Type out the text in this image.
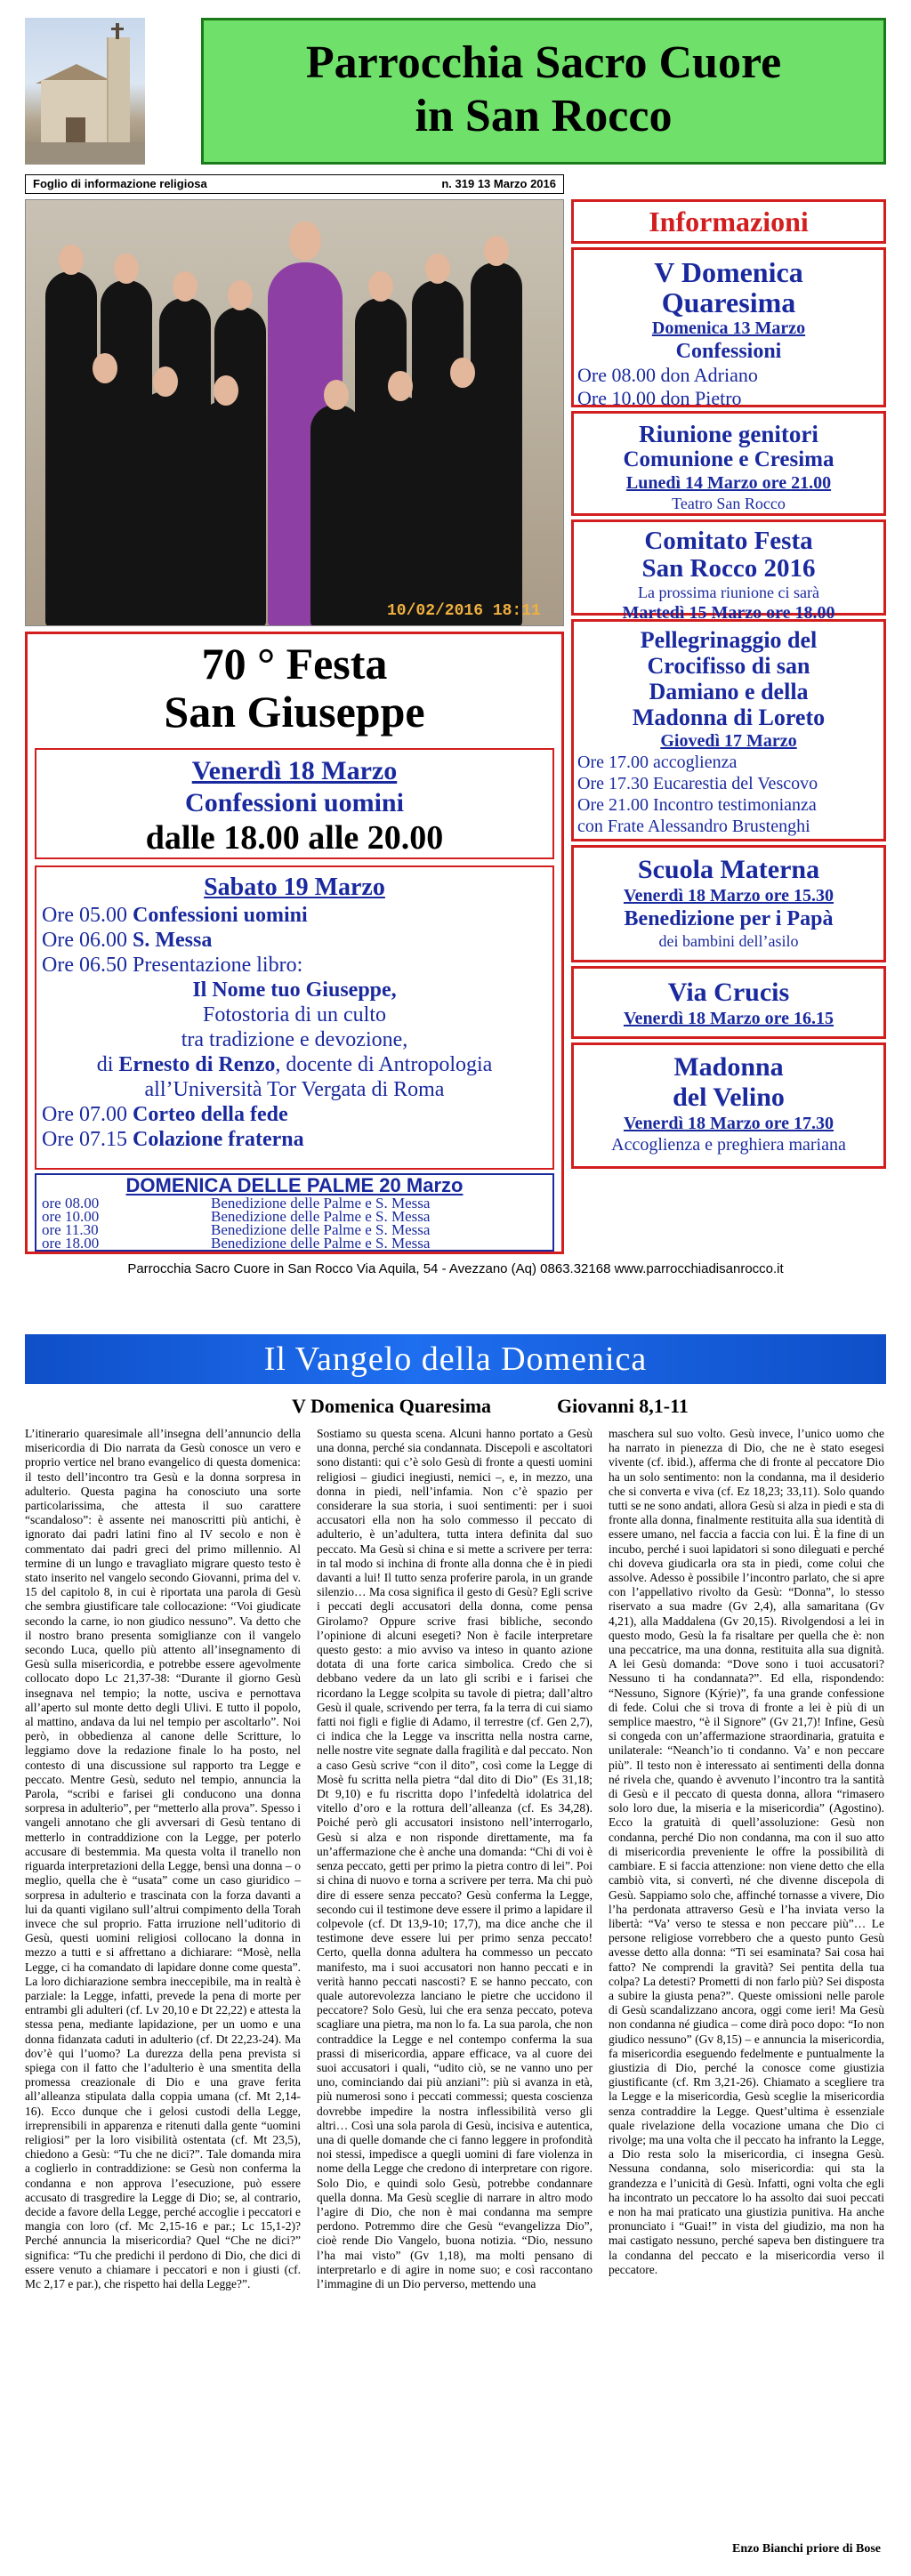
Parrocchia Sacro Cuore
in San Rocco
Foglio di informazione religiosa	n. 319 13 Marzo 2016
10/02/2016 18:11
70 ° Festa
San Giuseppe
Venerdì 18 Marzo
Confessioni uomini
dalle 18.00 alle 20.00
Sabato 19 Marzo
Ore 05.00 Confessioni uomini
Ore 06.00 S. Messa
Ore 06.50 Presentazione libro:
Il Nome tuo Giuseppe,
Fotostoria di un culto
tra tradizione e devozione,
di Ernesto di Renzo, docente di Antropologia
all’Università Tor Vergata di Roma
Ore 07.00 Corteo della fede
Ore 07.15 Colazione fraterna
DOMENICA DELLE PALME 20 Marzo
ore 08.00	Benedizione delle Palme e S. Messa
ore 10.00	Benedizione delle Palme e S. Messa
ore 11.30	Benedizione delle Palme e S. Messa
ore 18.00	Benedizione delle Palme e S. Messa
Informazioni
V Domenica
Quaresima
Domenica 13 Marzo
Confessioni
Ore 08.00 don Adriano
Ore 10.00 don Pietro
Riunione genitori
Comunione e Cresima
Lunedì 14 Marzo ore 21.00
Teatro San Rocco
Comitato Festa
San Rocco 2016
La prossima riunione ci sarà
Martedì 15 Marzo ore 18.00
Pellegrinaggio del
Crocifisso di san
Damiano e della
Madonna di Loreto
Giovedì 17 Marzo
Ore 17.00 accoglienza
Ore 17.30 Eucarestia del Vescovo
Ore 21.00 Incontro testimonianza
con Frate Alessandro Brustenghi
Scuola Materna
Venerdì 18 Marzo ore 15.30
Benedizione per i Papà
dei bambini dell’asilo
Via Crucis
Venerdì 18 Marzo ore 16.15
Madonna
del Velino
Venerdì 18 Marzo ore 17.30
Accoglienza e preghiera mariana
Parrocchia Sacro Cuore in San Rocco Via Aquila, 54 - Avezzano (Aq) 0863.32168 www.parrocchiadisanrocco.it
Il Vangelo della Domenica
V Domenica Quaresima	Giovanni 8,1-11

L’itinerario quaresimale all’insegna dell’annuncio della misericordia di Dio narrata da Gesù conosce un vero e proprio vertice nel brano evangelico di questa domenica: il testo dell’incontro tra Gesù e la donna sorpresa in adulterio. Questa pagina ha conosciuto una sorte particolarissima, che attesta il suo carattere “scandaloso”: è assente nei manoscritti più antichi, è ignorato dai padri latini fino al IV secolo e non è commentato dai padri greci del primo millennio. Al termine di un lungo e travagliato migrare questo testo è stato inserito nel vangelo secondo Giovanni, prima del v. 15 del capitolo 8, in cui è riportata una parola di Gesù che sembra giustificare tale collocazione: “Voi giudicate secondo la carne, io non giudico nessuno”. Va detto che il nostro brano presenta somiglianze con il vangelo secondo Luca, quello più attento all’insegnamento di Gesù sulla misericordia, e potrebbe essere agevolmente collocato dopo Lc 21,37-38: “Durante il giorno Gesù insegnava nel tempio; la notte, usciva e pernottava all’aperto sul monte detto degli Ulivi. E tutto il popolo, al mattino, andava da lui nel tempio per ascoltarlo”. Noi però, in obbedienza al canone delle Scritture, lo leggiamo dove la redazione finale lo ha posto, nel contesto di una discussione sul rapporto tra Legge e peccato. Mentre Gesù, seduto nel tempio, annuncia la Parola, “scribi e farisei gli conducono una donna sorpresa in adulterio”, per “metterlo alla prova”. Spesso i vangeli annotano che gli avversari di Gesù tentano di metterlo in contraddizione con la Legge, per poterlo accusare di bestemmia. Ma questa volta il tranello non riguarda interpretazioni della Legge, bensì una donna – o meglio, quella che è “usata” come un caso giuridico – sorpresa in adulterio e trascinata con la forza davanti a lui da quanti vigilano sull’altrui compimento della Torah invece che sul proprio. Fatta irruzione nell’uditorio di Gesù, questi uomini religiosi collocano la donna in mezzo a tutti e si affrettano a dichiarare: “Mosè, nella Legge, ci ha comandato di lapidare donne come questa”. La loro dichiarazione sembra ineccepibile, ma in realtà è parziale: la Legge, infatti, prevede la pena di morte per entrambi gli adulteri (cf. Lv 20,10 e Dt 22,22) e attesta la stessa pena, mediante lapidazione, per un uomo e una donna fidanzata caduti in adulterio (cf. Dt 22,23-24). Ma dov’è qui l’uomo? La durezza della pena prevista si spiega con il fatto che l’adulterio è una smentita della promessa creazionale di Dio e una grave ferita all’alleanza stipulata dalla coppia umana (cf. Mt 2,14-16). Ecco dunque che i gelosi custodi della Legge, irreprensibili in apparenza e ritenuti dalla gente “uomini religiosi” per la loro visibilità ostentata (cf. Mt 23,5), chiedono a Gesù: “Tu che ne dici?”. Tale domanda mira a coglierlo in contraddizione: se Gesù non conferma la condanna e non approva l’esecuzione, può essere accusato di trasgredire la Legge di Dio; se, al contrario, decide a favore della Legge, perché accoglie i peccatori e mangia con loro (cf. Mc 2,15-16 e par.; Lc 15,1-2)? Perché annuncia la misericordia? Quel “Che ne dici?” significa: “Tu che predichi il perdono di Dio, che dici di essere venuto a chiamare i peccatori e non i giusti (cf. Mc 2,17 e par.), che rispetto hai della Legge?”.

Sostiamo su questa scena. Alcuni hanno portato a Gesù una donna, perché sia condannata. Discepoli e ascoltatori sono distanti: qui c’è solo Gesù di fronte a questi uomini religiosi – giudici inegiusti, nemici –, e, in mezzo, una donna in piedi, nell’infamia. Non c’è spazio per considerare la sua storia, i suoi sentimenti: per i suoi accusatori ella non ha solo commesso il peccato di adulterio, è un’adultera, tutta intera definita dal suo peccato. Ma Gesù si china e si mette a scrivere per terra: in tal modo si inchina di fronte alla donna che è in piedi davanti a lui! Il tutto senza proferire parola, in un grande silenzio… Ma cosa significa il gesto di Gesù? Egli scrive i peccati degli accusatori della donna, come pensa Girolamo? Oppure scrive frasi bibliche, secondo l’opinione di alcuni esegeti? Non è facile interpretare questo gesto: a mio avviso va inteso in quanto azione dotata di una forte carica simbolica. Credo che si debbano vedere da un lato gli scribi e i farisei che ricordano la Legge scolpita su tavole di pietra; dall’altro Gesù il quale, scrivendo per terra, fa la terra di cui siamo fatti noi figli e figlie di Adamo, il terrestre (cf. Gen 2,7), ci indica che la Legge va inscritta nella nostra carne, nelle nostre vite segnate dalla fragilità e dal peccato. Non a caso Gesù scrive “con il dito”, così come la Legge di Mosè fu scritta nella pietra “dal dito di Dio” (Es 31,18; Dt 9,10) e fu riscritta dopo l’infedeltà idolatrica del vitello d’oro e la rottura dell’alleanza (cf. Es 34,28). Poiché però gli accusatori insistono nell’interrogarlo, Gesù si alza e non risponde direttamente, ma fa un’affermazione che è anche una domanda: “Chi di voi è senza peccato, getti per primo la pietra contro di lei”. Poi si china di nuovo e torna a scrivere per terra. Ma chi può dire di essere senza peccato? Gesù conferma la Legge, secondo cui il testimone deve essere il primo a lapidare il colpevole (cf. Dt 13,9-10; 17,7), ma dice anche che il testimone deve essere lui per primo senza peccato! Certo, quella donna adultera ha commesso un peccato manifesto, ma i suoi accusatori non hanno peccati e in verità hanno peccati nascosti? E se hanno peccato, con quale autorevolezza lanciano le pietre che uccidono il peccatore? Solo Gesù, lui che era senza peccato, poteva scagliare una pietra, ma non lo fa. La sua parola, che non contraddice la Legge e nel contempo conferma la sua prassi di misericordia, appare efficace, va al cuore dei suoi accusatori i quali, “udito ciò, se ne vanno uno per uno, cominciando dai più anziani”: più si avanza in età, più numerosi sono i peccati commessi; questa coscienza dovrebbe impedire la nostra inflessibilità verso gli altri… Così una sola parola di Gesù, incisiva e autentica, una di quelle domande che ci fanno leggere in profondità noi stessi, impedisce a quegli uomini di fare violenza in nome della Legge che credono di interpretare con rigore. Solo Dio, e quindi solo Gesù, potrebbe condannare quella donna. Ma Gesù sceglie di narrare in altro modo l’agire di Dio, che non è mai condanna ma sempre perdono. Potremmo dire che Gesù “evangelizza Dio”, cioè rende Dio Vangelo, buona notizia. “Dio, nessuno l’ha mai visto” (Gv 1,18), ma molti pensano di interpretarlo e di agire in nome suo; e così raccontano l’immagine di un Dio perverso, mettendo una

maschera sul suo volto. Gesù invece, l’unico uomo che ha narrato in pienezza di Dio, che ne è stato esegesi vivente (cf. ibid.), afferma che di fronte al peccatore Dio ha un solo sentimento: non la condanna, ma il desiderio che si converta e viva (cf. Ez 18,23; 33,11). Solo quando tutti se ne sono andati, allora Gesù si alza in piedi e sta di fronte alla donna, finalmente restituita alla sua identità di essere umano, nel faccia a faccia con lui. È la fine di un incubo, perché i suoi lapidatori si sono dileguati e perché chi doveva giudicarla ora sta in piedi, come colui che assolve. Adesso è possibile l’incontro parlato, che si apre con l’appellativo rivolto da Gesù: “Donna”, lo stesso riservato a sua madre (Gv 2,4), alla samaritana (Gv 4,21), alla Maddalena (Gv 20,15). Rivolgendosi a lei in questo modo, Gesù la fa risaltare per quella che è: non una peccatrice, ma una donna, restituita alla sua dignità. A lei Gesù domanda: “Dove sono i tuoi accusatori? Nessuno ti ha condannata?”. Ed ella, rispondendo: “Nessuno, Signore (Kýrie)”, fa una grande confessione di fede. Colui che si trova di fronte a lei è più di un semplice maestro, “è il Signore” (Gv 21,7)! Infine, Gesù si congeda con un’affermazione straordinaria, gratuita e unilaterale: “Neanch’io ti condanno. Va’ e non peccare più”. Il testo non è interessato ai sentimenti della donna né rivela che, quando è avvenuto l’incontro tra la santità di Gesù e il peccato di questa donna, allora “rimasero solo loro due, la miseria e la misericordia” (Agostino). Ecco la gratuità di quell’assoluzione: Gesù non condanna, perché Dio non condanna, ma con il suo atto di misericordia preveniente le offre la possibilità di cambiare. E si faccia attenzione: non viene detto che ella cambiò vita, si convertì, né che divenne discepola di Gesù. Sappiamo solo che, affinché tornasse a vivere, Dio l’ha perdonata attraverso Gesù e l’ha inviata verso la libertà: “Va’ verso te stessa e non peccare più”… Le persone religiose vorrebbero che a questo punto Gesù avesse detto alla donna: “Ti sei esaminata? Sai cosa hai fatto? Ne comprendi la gravità? Sei pentita della tua colpa? La detesti? Prometti di non farlo più? Sei disposta a subire la giusta pena?”. Queste omissioni nelle parole di Gesù scandalizzano ancora, oggi come ieri! Ma Gesù non condanna né giudica – come dirà poco dopo: “Io non giudico nessuno” (Gv 8,15) – e annuncia la misericordia, fa misericordia eseguendo fedelmente e puntualmente la giustizia di Dio, perché la conosce come giustizia giustificante (cf. Rm 3,21-26). Chiamato a scegliere tra la Legge e la misericordia, Gesù sceglie la misericordia senza contraddire la Legge. Quest’ultima è essenziale quale rivelazione della vocazione umana che Dio ci rivolge; ma una volta che il peccato ha infranto la Legge, a Dio resta solo la misericordia, ci insegna Gesù. Nessuna condanna, solo misericordia: qui sta la grandezza e l’unicità di Gesù. Infatti, ogni volta che egli ha incontrato un peccatore lo ha assolto dai suoi peccati e non ha mai praticato una giustizia punitiva. Ha anche pronunciato i “Guai!” in vista del giudizio, ma non ha mai castigato nessuno, perché sapeva ben distinguere tra la condanna del peccato e la misericordia verso il peccatore.

Enzo Bianchi priore di Bose
